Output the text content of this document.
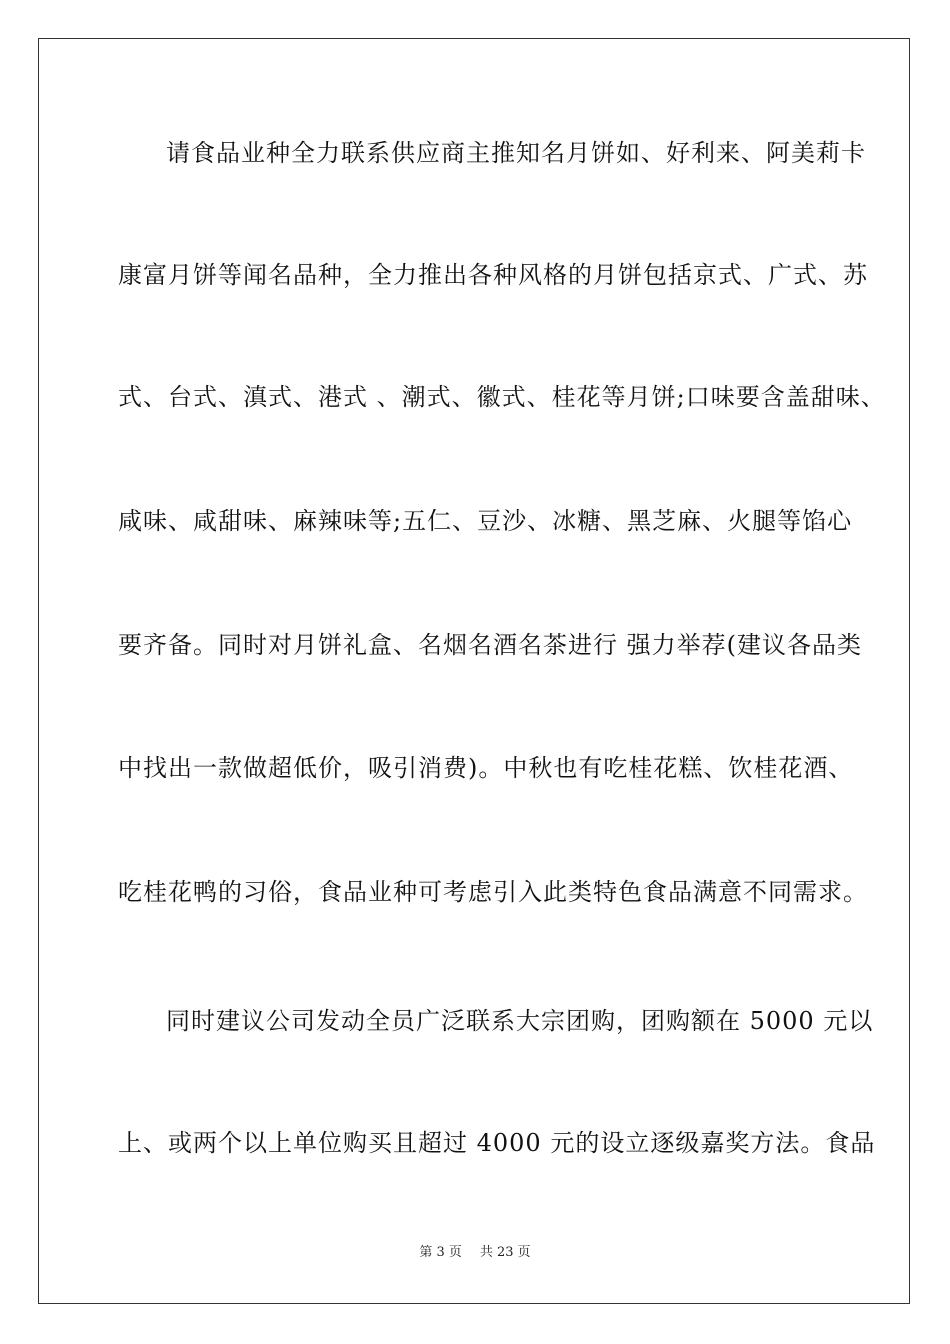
请食品业种全力联系供应商主推知名月饼如、好利来、阿美莉卡
康富月饼等闻名品种，全力推出各种风格的月饼包括京式、广式、苏
式、台式、滇式、港式 、潮式、徽式、桂花等月饼;口味要含盖甜味、
咸味、咸甜味、麻辣味等;五仁、豆沙、冰糖、黑芝麻、火腿等馅心
要齐备。同时对月饼礼盒、名烟名酒名茶进行 强力举荐(建议各品类
中找出一款做超低价，吸引消费)。中秋也有吃桂花糕、饮桂花酒、
吃桂花鸭的习俗，食品业种可考虑引入此类特色食品满意不同需求。
同时建议公司发动全员广泛联系大宗团购，团购额在 5000 元以
上、或两个以上单位购买且超过 4000 元的设立逐级嘉奖方法。食品
第 3 页 共 23 页
